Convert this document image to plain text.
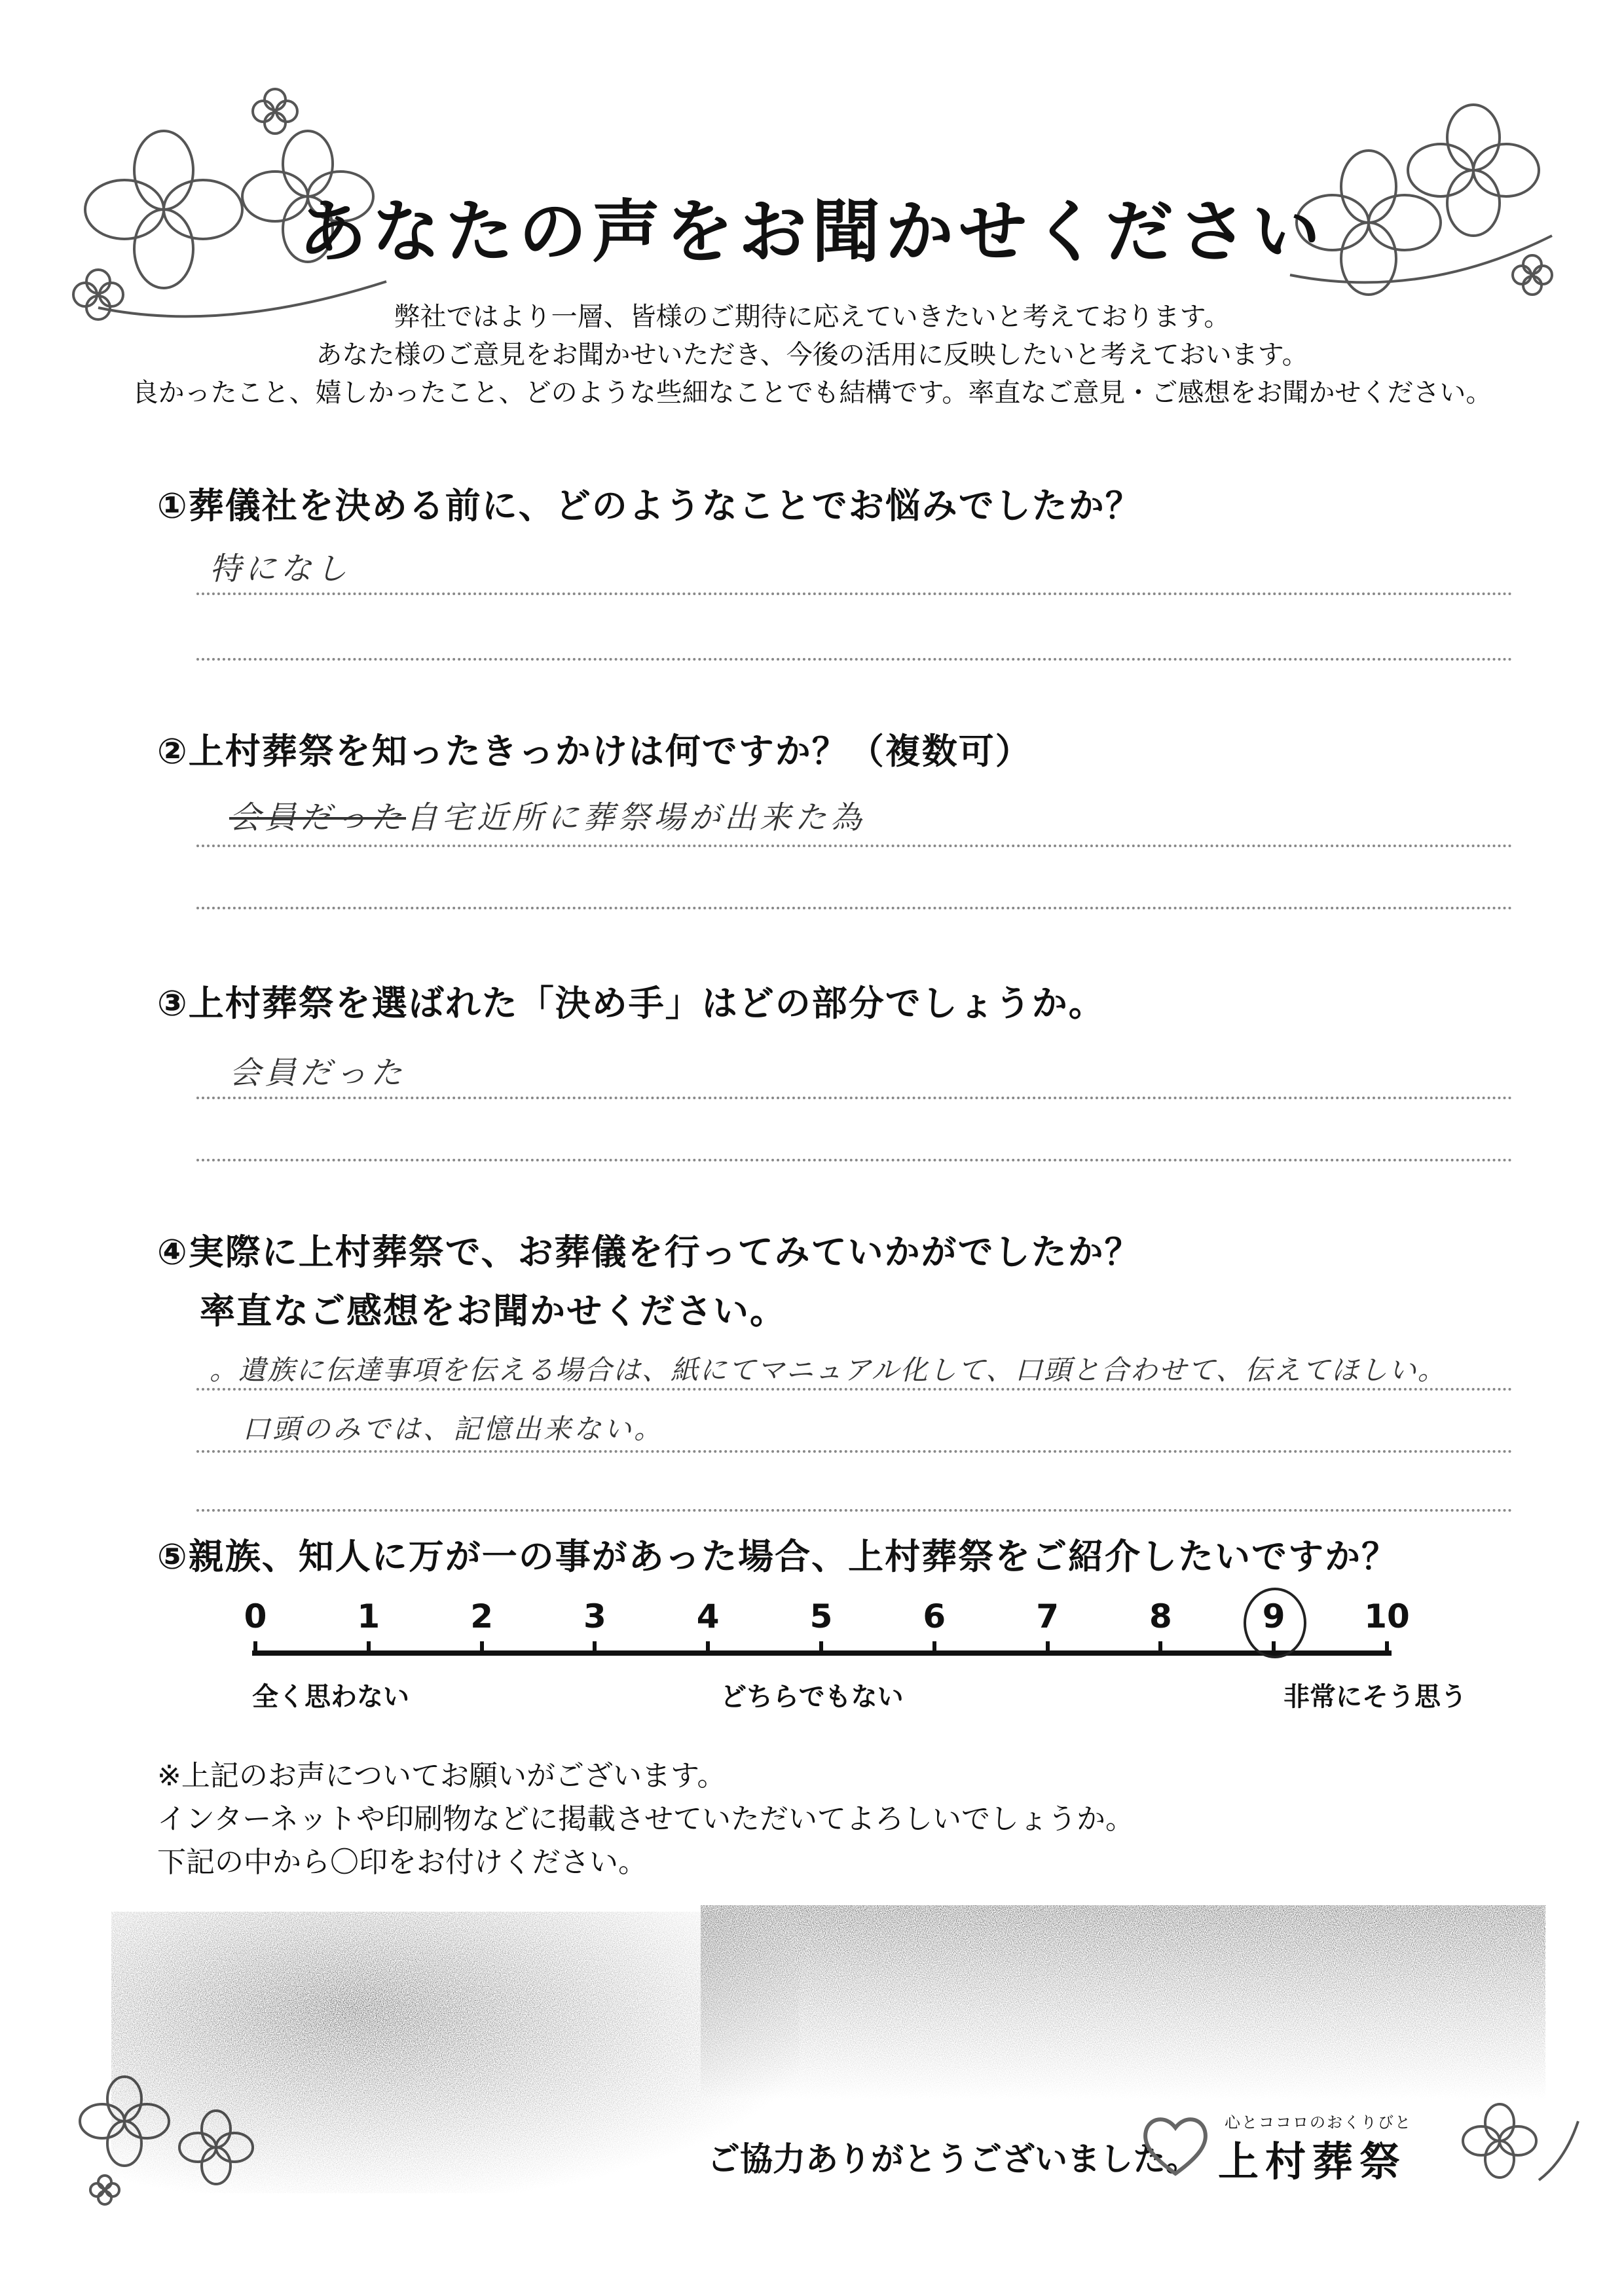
あなたの声をお聞かせください
弊社ではより一層、皆様のご期待に応えていきたいと考えております。
あなた様のご意見をお聞かせいただき、今後の活用に反映したいと考えておいます。
良かったこと、嬉しかったこと、どのような些細なことでも結構です。率直なご意見・ご感想をお聞かせください。
①葬儀社を決める前に、どのようなことでお悩みでしたか？
特になし
②上村葬祭を知ったきっかけは何ですか？（複数可）
会員だった自宅近所に葬祭場が出来た為
③上村葬祭を選ばれた「決め手」はどの部分でしょうか。
会員だった
④実際に上村葬祭で、お葬儀を行ってみていかがでしたか？
率直なご感想をお聞かせください。
。遺族に伝達事項を伝える場合は、紙にてマニュアル化して、口頭と合わせて、伝えてほしい。
口頭のみでは、記憶出来ない。
⑤親族、知人に万が一の事があった場合、上村葬祭をご紹介したいですか？
0	1	2	3	4	5	6	7	8	9	10
全く思わない	どちらでもない	非常にそう思う
※上記のお声についてお願いがございます。
インターネットや印刷物などに掲載させていただいてよろしいでしょうか。
下記の中から〇印をお付けください。
ご協力ありがとうございました。
心とココロのおくりびと
上村葬祭
